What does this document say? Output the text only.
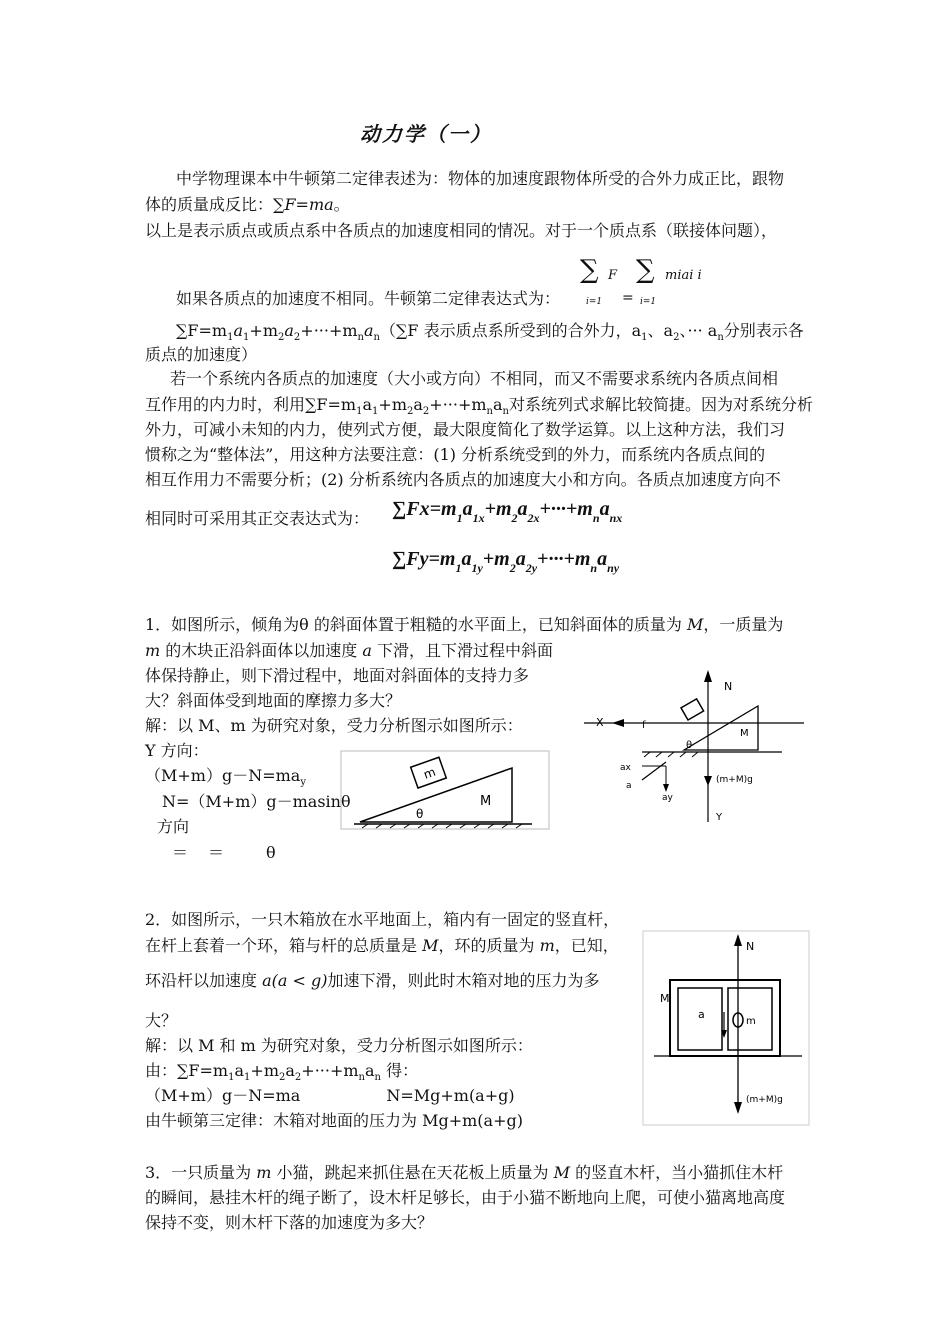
动力学（一）
中学物理课本中牛顿第二定律表述为：物体的加速度跟物体所受的合外力成正比，跟物
体的质量成反比：∑F=ma。
以上是表示质点或质点系中各质点的加速度相同的情况。对于一个质点系（联接体问题），
∑ F ∑ miai i
i=1 = i=1
如果各质点的加速度不相同。牛顿第二定律表达式为：
$\sum F=m_1a_1+m_2a_2+\cdot\cdot\cdot+m_na_n(\sum F$ 表示质点系所受到的合外力，$a_1$、$a_2$、··· $a_n$分别表示各
质点的加速度）
若一个系统内各质点的加速度（大小或方向）不相同，而又不需要求系统内各质点间相
互作用的内力时，利用$\sum F=m_1a_1+m_2a_2+\cdot\cdot\cdot+m_na_n$对系统列式求解比较简捷。因为对系统分析
外力，可减小未知的内力，使列式方便，最大限度简化了数学运算。以上这种方法，我们习
惯称之为“整体法”，用这种方法要注意：(1) 分析系统受到的外力，而系统内各质点间的
相互作用力不需要分析；(2) 分析系统内各质点的加速度大小和方向。各质点加速度方向不
相同时可采用其正交表达式为： $\sum Fx=m_1a_{1x}+m_2a_{2x}+\cdot\cdot\cdot+m_na_{nx}$
$\sum Fy=m_1a_{1y}+m_2a_{2y}+\cdot\cdot\cdot+m_na_{ny}$
1．如图所示，倾角为θ 的斜面体置于粗糙的水平面上，已知斜面体的质量为 M，一质量为
m 的木块正沿斜面体以加速度 a 下滑，且下滑过程中斜面
体保持静止，则下滑过程中，地面对斜面体的支持力多
大？斜面体受到地面的摩擦力多大？
解：以 M、m 为研究对象，受力分析图示如图所示：
Y 方向：
$(M+m)g-N=ma_y$
N=（M+m）g－masinθ
方向
＝ ＝	θ
m
M
θ
N
X	f
M
θ
ax
a
ay
(m+M)g
Y
2．如图所示，一只木箱放在水平地面上，箱内有一固定的竖直杆，
在杆上套着一个环，箱与杆的总质量是 M，环的质量为 m，已知，
环沿杆以加速度 a(a < g)加速下滑，则此时木箱对地的压力为多
大？
解：以 M 和 m 为研究对象，受力分析图示如图所示：
由：$\sum F=m_1a_1+m_2a_2+\cdot\cdot\cdot+m_na_n$ 得：
（M+m）g－N=ma	N=Mg+m(a+g)
由牛顿第三定律：木箱对地面的压力为 Mg+m(a+g)
N
M
a
m
(m+M)g
3．一只质量为 m 小猫，跳起来抓住悬在天花板上质量为 M 的竖直木杆，当小猫抓住木杆
的瞬间，悬挂木杆的绳子断了，设木杆足够长，由于小猫不断地向上爬，可使小猫离地高度
保持不变，则木杆下落的加速度为多大？
